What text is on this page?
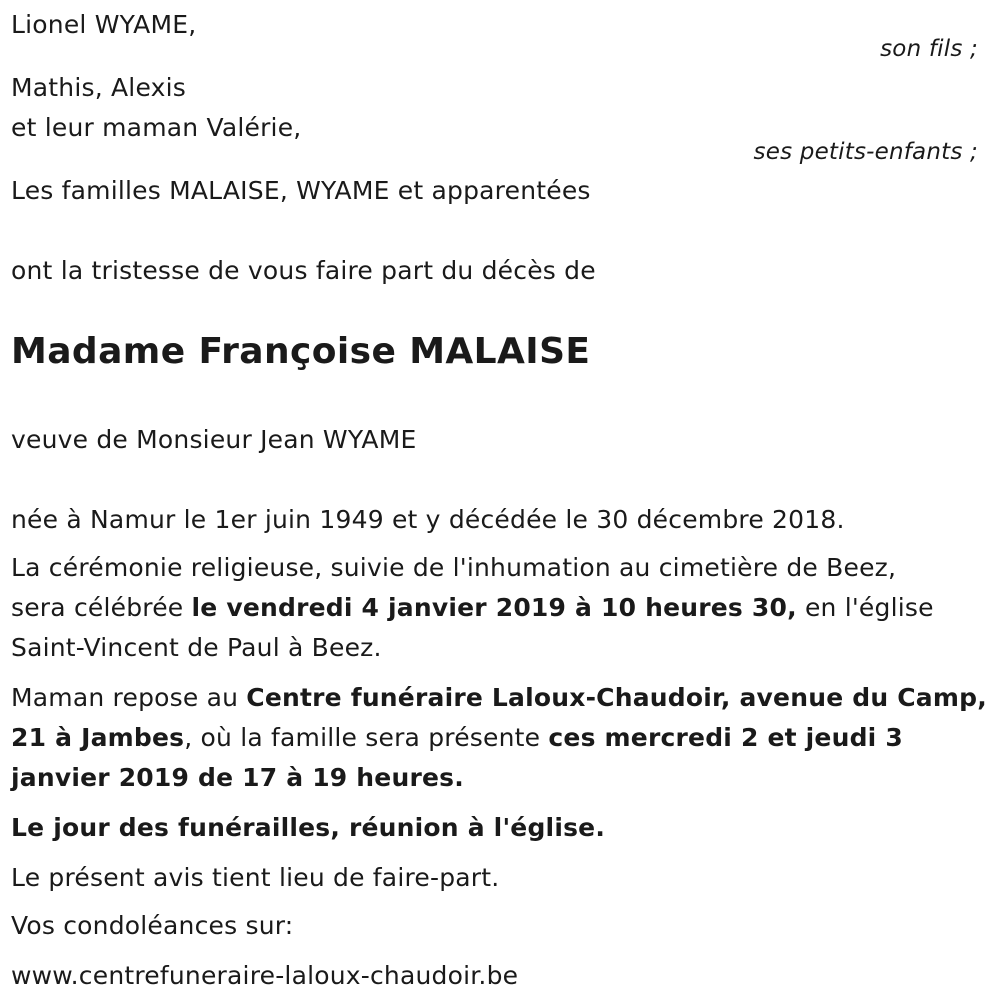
Lionel WYAME,
son fils ;
Mathis, Alexis
et leur maman Valérie,
ses petits-enfants ;
Les familles MALAISE, WYAME et apparentées
ont la tristesse de vous faire part du décès de
Madame Françoise MALAISE
veuve de Monsieur Jean WYAME
née à Namur le 1er juin 1949 et y décédée le 30 décembre 2018.
La cérémonie religieuse, suivie de l'inhumation au cimetière de Beez,
sera célébrée le vendredi 4 janvier 2019 à 10 heures 30, en l'église
Saint-Vincent de Paul à Beez.
Maman repose au Centre funéraire Laloux-Chaudoir, avenue du Camp,
21 à Jambes, où la famille sera présente ces mercredi 2 et jeudi 3
janvier 2019 de 17 à 19 heures.
Le jour des funérailles, réunion à l'église.
Le présent avis tient lieu de faire-part.
Vos condoléances sur:
www.centrefuneraire-laloux-chaudoir.be
